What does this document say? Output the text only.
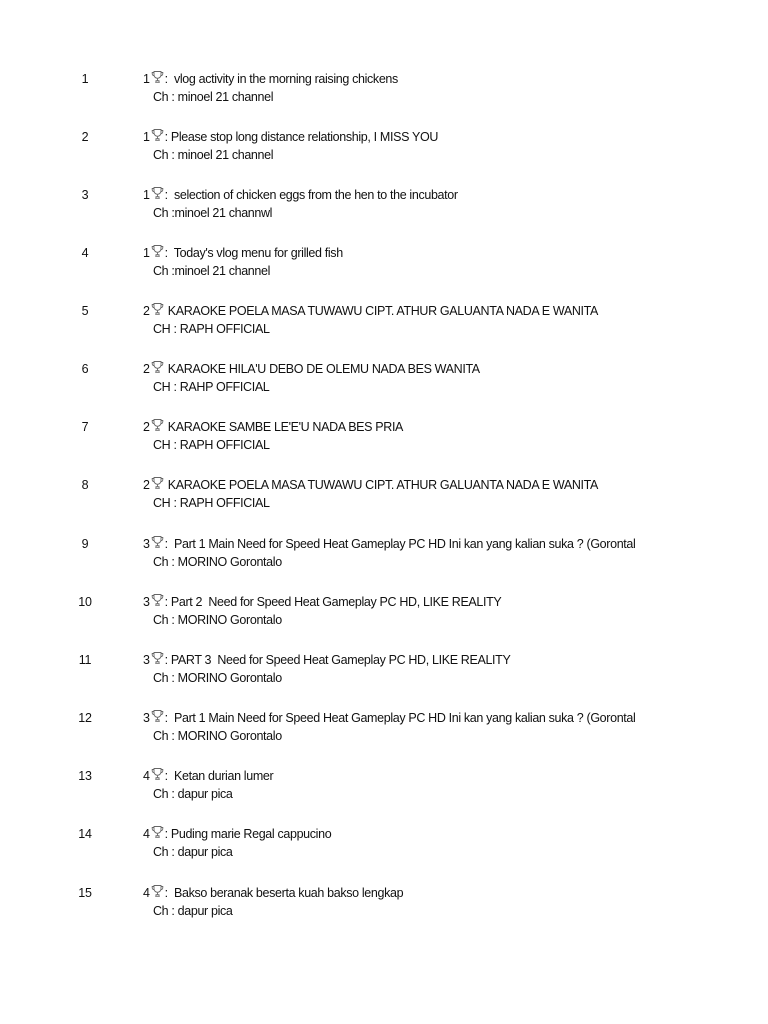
1	1 :  vlog activity in the morning raising chickens
Ch : minoel 21 channel
2	1 : Please stop long distance relationship, I MISS YOU
Ch : minoel 21 channel
3	1 :  selection of chicken eggs from the hen to the incubator
Ch :minoel 21 channwl
4	1 :  Today's vlog menu for grilled fish
Ch :minoel 21 channel
5	2 KARAOKE POELA MASA TUWAWU CIPT. ATHUR GALUANTA NADA E WANITA
CH : RAPH OFFICIAL
6	2 KARAOKE HILA'U DEBO DE OLEMU NADA BES WANITA
CH : RAHP OFFICIAL
7	2 KARAOKE SAMBE LE'E'U NADA BES PRIA
CH : RAPH OFFICIAL
8	2 KARAOKE POELA MASA TUWAWU CIPT. ATHUR GALUANTA NADA E WANITA
CH : RAPH OFFICIAL
9	3 :  Part 1 Main Need for Speed Heat Gameplay PC HD Ini kan yang kalian suka ? (Gorontal
Ch : MORINO Gorontalo
10	3 : Part 2  Need for Speed Heat Gameplay PC HD, LIKE REALITY
Ch : MORINO Gorontalo
11	3 : PART 3  Need for Speed Heat Gameplay PC HD, LIKE REALITY
Ch : MORINO Gorontalo
12	3 :  Part 1 Main Need for Speed Heat Gameplay PC HD Ini kan yang kalian suka ? (Gorontal
Ch : MORINO Gorontalo
13	4 :  Ketan durian lumer
Ch : dapur pica
14	4 : Puding marie Regal cappucino
Ch : dapur pica
15	4 :  Bakso beranak beserta kuah bakso lengkap
Ch : dapur pica
